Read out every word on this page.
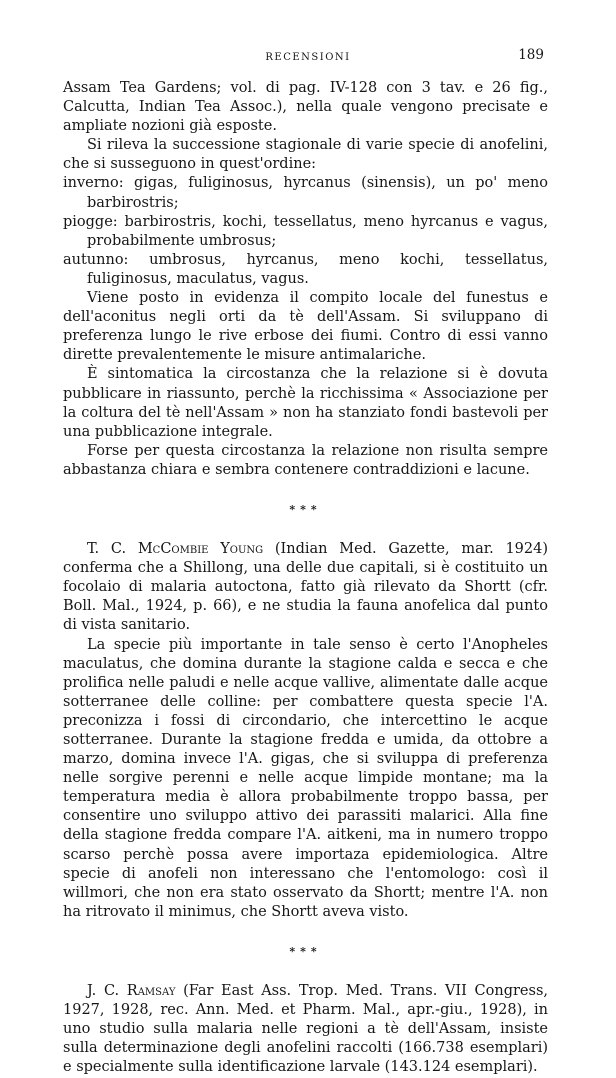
RECENSIONI	189

Assam Tea Gardens; vol. di pag. IV-128 con 3 tav. e 26 fig., Calcutta, Indian Tea Assoc.), nella quale vengono precisate e ampliate nozioni già esposte.

Si rileva la successione stagionale di varie specie di anofelini, che si susseguono in quest'ordine:

inverno: gigas, fuliginosus, hyrcanus (sinensis), un po' meno barbirostris;

piogge: barbirostris, kochi, tessellatus, meno hyrcanus e vagus, probabilmente umbrosus;

autunno: umbrosus, hyrcanus, meno kochi, tessellatus, fuliginosus, maculatus, vagus.

Viene posto in evidenza il compito locale del funestus e dell'aconitus negli orti da tè dell'Assam. Si sviluppano di preferenza lungo le rive erbose dei fiumi. Contro di essi vanno dirette prevalentemente le misure antimalariche.

È sintomatica la circostanza che la relazione si è dovuta pubblicare in riassunto, perchè la ricchissima « Associazione per la coltura del tè nell'Assam » non ha stanziato fondi bastevoli per una pubblicazione integrale.

Forse per questa circostanza la relazione non risulta sempre abbastanza chiara e sembra contenere contraddizioni e lacune.

***

T. C. McCombie Young (Indian Med. Gazette, mar. 1924) conferma che a Shillong, una delle due capitali, si è costituito un focolaio di malaria autoctona, fatto già rilevato da Shortt (cfr. Boll. Mal., 1924, p. 66), e ne studia la fauna anofelica dal punto di vista sanitario.

La specie più importante in tale senso è certo l'Anopheles maculatus, che domina durante la stagione calda e secca e che prolifica nelle paludi e nelle acque vallive, alimentate dalle acque sotterranee delle colline: per combattere questa specie l'A. preconizza i fossi di circondario, che intercettino le acque sotterranee. Durante la stagione fredda e umida, da ottobre a marzo, domina invece l'A. gigas, che si sviluppa di preferenza nelle sorgive perenni e nelle acque limpide montane; ma la temperatura media è allora probabilmente troppo bassa, per consentire uno sviluppo attivo dei parassiti malarici. Alla fine della stagione fredda compare l'A. aitkeni, ma in numero troppo scarso perchè possa avere importaza epidemiologica. Altre specie di anofeli non interessano che l'entomologo: così il willmori, che non era stato osservato da Shortt; mentre l'A. non ha ritrovato il minimus, che Shortt aveva visto.

***

J. C. Ramsay (Far East Ass. Trop. Med. Trans. VII Congress, 1927, 1928, rec. Ann. Med. et Pharm. Mal., apr.-giu., 1928), in uno studio sulla malaria nelle regioni a tè dell'Assam, insiste sulla determinazione degli anofelini raccolti (166.738 esemplari) e specialmente sulla identificazione larvale (143.124 esemplari).
